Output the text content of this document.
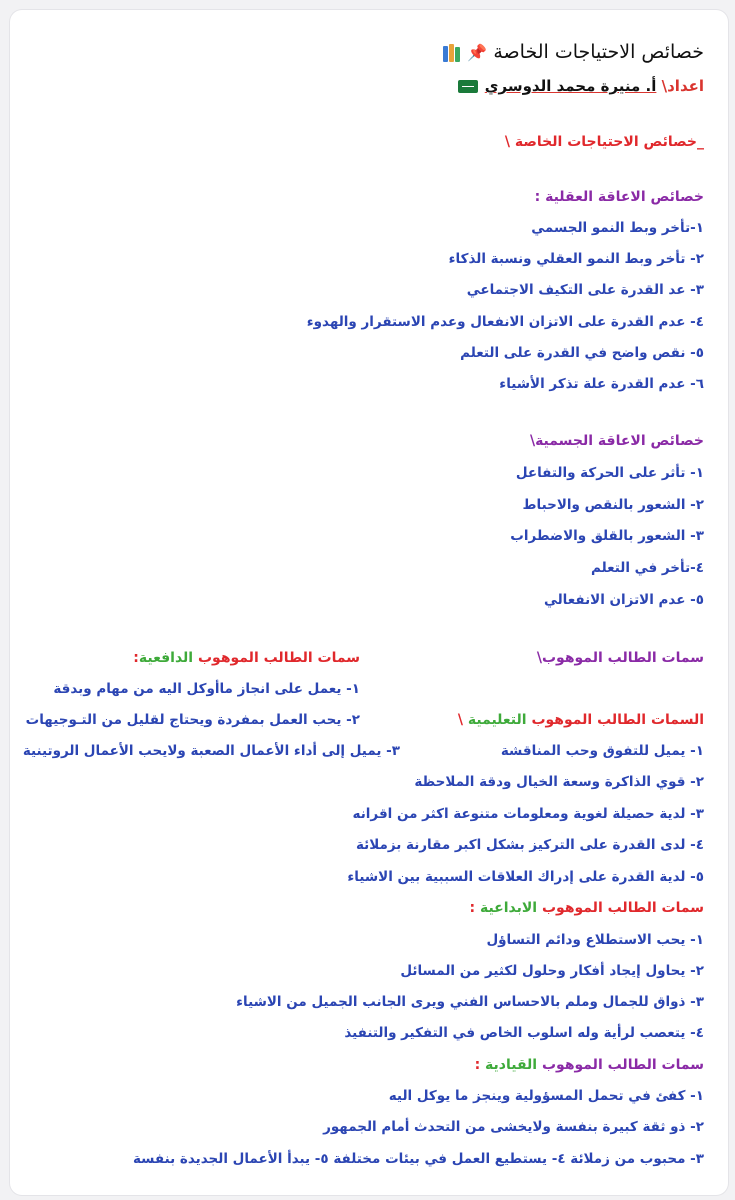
خصائص الاحتياجات الخاصة 📌
اعداد\ أ. منيرة محمد الدوسري
_خصائص الاحتياجات الخاصة \
خصائص الاعاقة العقلية :
١-تأخر وبط النمو الجسمي
٢- تأخر وبط النمو العقلي ونسبة الذكاء
٣- عد القدرة على التكيف الاجتماعي
٤- عدم القدرة على الاتزان الانفعال وعدم الاستقرار والهدوء
٥- نقص واضح في القدرة على التعلم
٦- عدم القدرة علة تذكر الأشياء
خصائص الاعاقة الجسمية\
١- تأثر على الحركة والتفاعل
٢- الشعور بالنقص والاحباط
٣- الشعور بالقلق والاضطراب
٤-تأخر في التعلم
٥- عدم الاتزان الانفعالي
سمات الطالب الموهوب\
سمات الطالب الموهوب الدافعية:
١- يعمل على انجاز ماأوكل اليه من مهام وبدقة
٢- يحب العمل بمفردة ويحتاج لقليل من التـوجيهات
٣- يميل إلى أداء الأعمال الصعبة ولايحب الأعمال الروتينية
السمات الطالب الموهوب التعليمية \
١- يميل للتفوق وحب المناقشة
٢- قوي الذاكرة وسعة الخيال ودقة الملاحظة
٣- لدية حصيلة لغوية ومعلومات متنوعة اكثر من اقرانه
٤- لدى القدرة على التركيز بشكل اكبر مقارنة بزملائة
٥- لدية القدرة على إدراك العلاقات السببية بين الاشياء
سمات الطالب الموهوب الابداعية :
١- يحب الاستطلاع ودائم التساؤل
٢- يحاول إيجاد أفكار وحلول لكثير من المسائل
٣- ذواق للجمال وملم بالاحساس الفني ويرى الجانب الجميل من الاشياء
٤- يتعصب لرأية وله اسلوب الخاص في التفكير والتنفيذ
سمات الطالب الموهوب القيادية :
١- كفئ في تحمل المسؤولية وينجز ما يوكل اليه
٢- ذو ثقة كبيرة بنفسة ولايخشى من التحدث أمام الجمهور
٣- محبوب من زملائة ٤- يستطيع العمل في بيئات مختلفة ٥- يبدأ الأعمال الجديدة بنفسة
